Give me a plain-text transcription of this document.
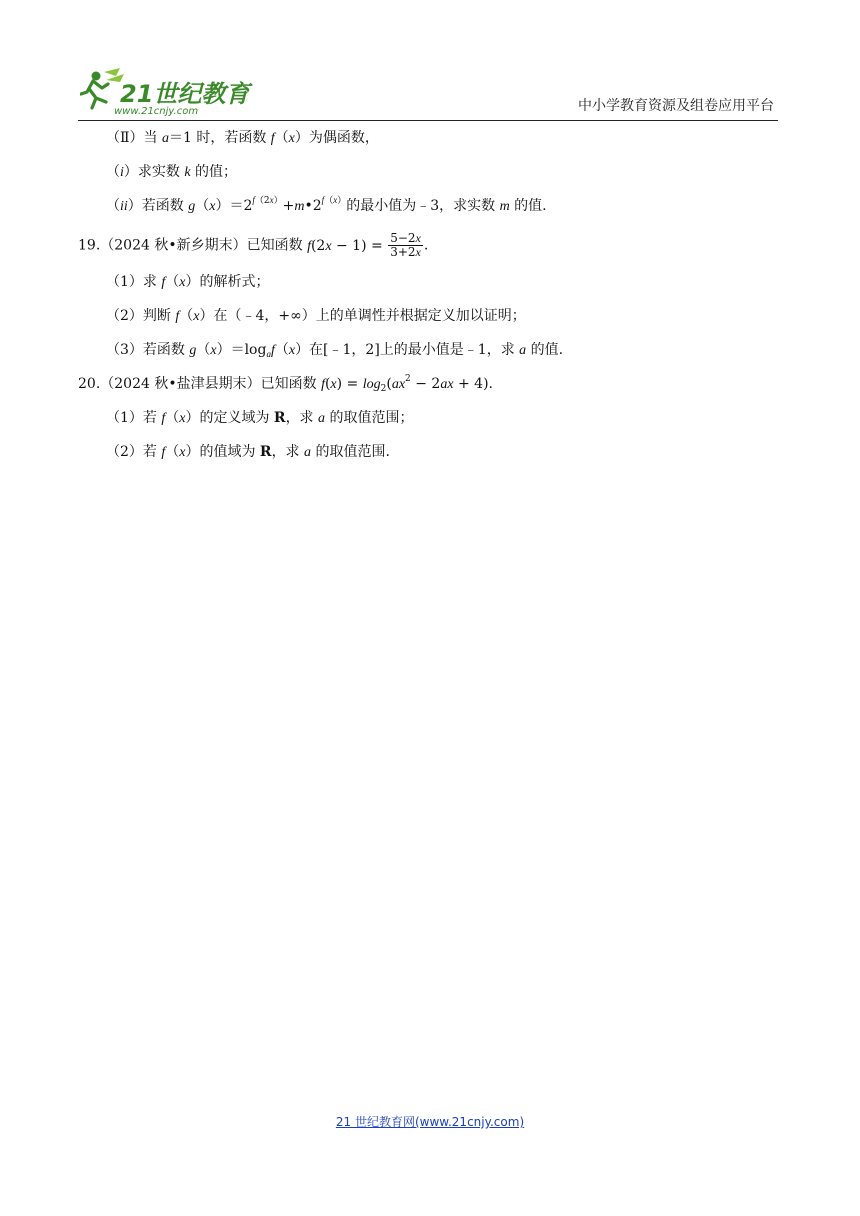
21世纪教育
www.21cnjy.com	中小学教育资源及组卷应用平台
（Ⅱ）当 a＝1 时，若函数 f（x）为偶函数，
（i）求实数 k 的值；
（ii）若函数 $g(x)=2^{f(2x)}+m•2^{f(x)}$的最小值为﹣3，求实数 m 的值.
19.（2024 秋•新乡期末）已知函数 $f(2x - 1) = \frac{5-2x}{3+2x}$ .
（1）求 f（x）的解析式；
（2）判断 f（x）在（﹣4，+∞）上的单调性并根据定义加以证明；
（3）若函数 $g(x)=\log_af(x)$在[﹣1，2]上的最小值是﹣1，求 a 的值.
20.（2024 秋•盐津县期末）已知函数 $f(x) = \log_2(ax^2 - 2ax + 4)$.
（1）若 f（x）的定义域为 R，求 a 的取值范围；
（2）若 f（x）的值域为 R，求 a 的取值范围.
21 世纪教育网(www.21cnjy.com)
